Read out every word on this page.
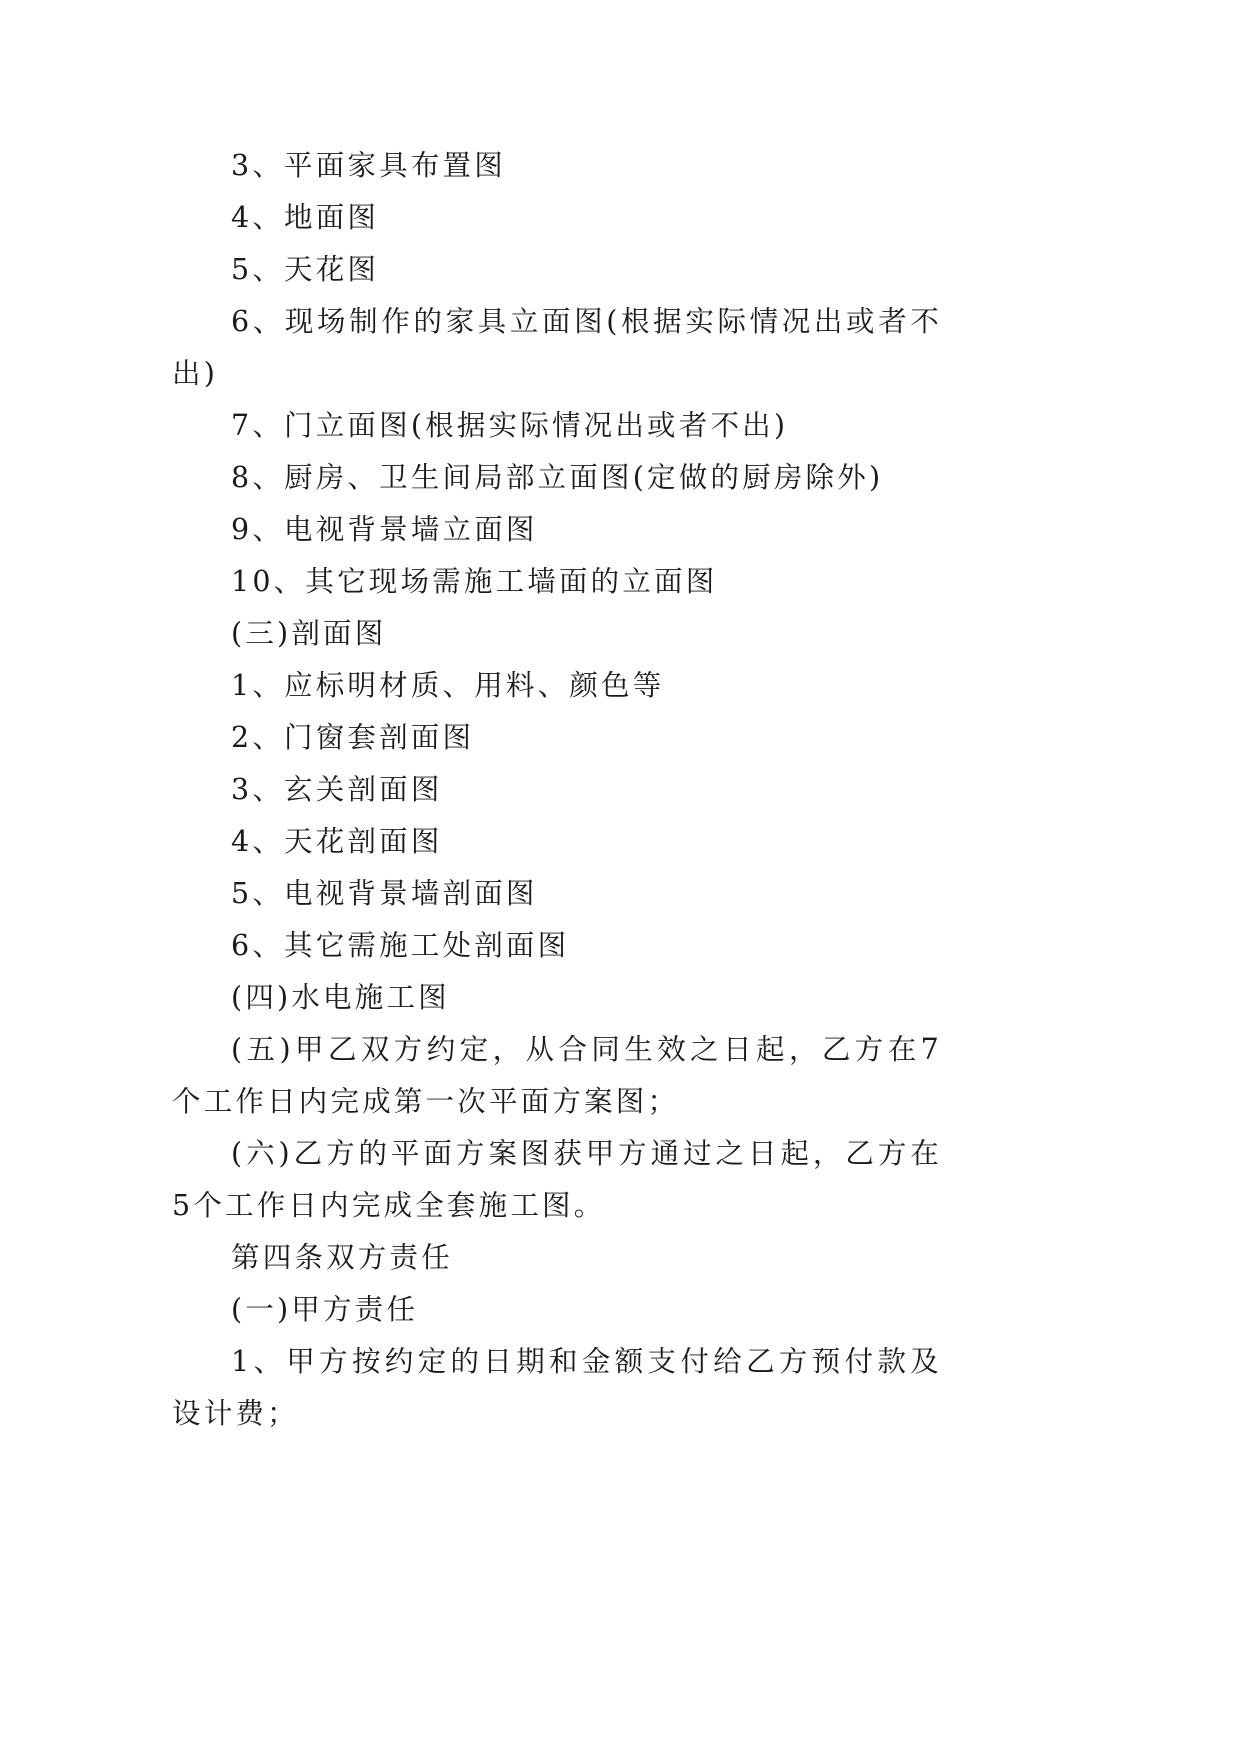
3、平面家具布置图

4、地面图

5、天花图

6、现场制作的家具立面图(根据实际情况出或者不出)

7、门立面图(根据实际情况出或者不出)

8、厨房、卫生间局部立面图(定做的厨房除外)

9、电视背景墙立面图

10、其它现场需施工墙面的立面图

(三)剖面图

1、应标明材质、用料、颜色等

2、门窗套剖面图

3、玄关剖面图

4、天花剖面图

5、电视背景墙剖面图

6、其它需施工处剖面图

(四)水电施工图

(五)甲乙双方约定，从合同生效之日起，乙方在7个工作日内完成第一次平面方案图；

(六)乙方的平面方案图获甲方通过之日起，乙方在5个工作日内完成全套施工图。

第四条双方责任

(一)甲方责任

1、甲方按约定的日期和金额支付给乙方预付款及设计费；
